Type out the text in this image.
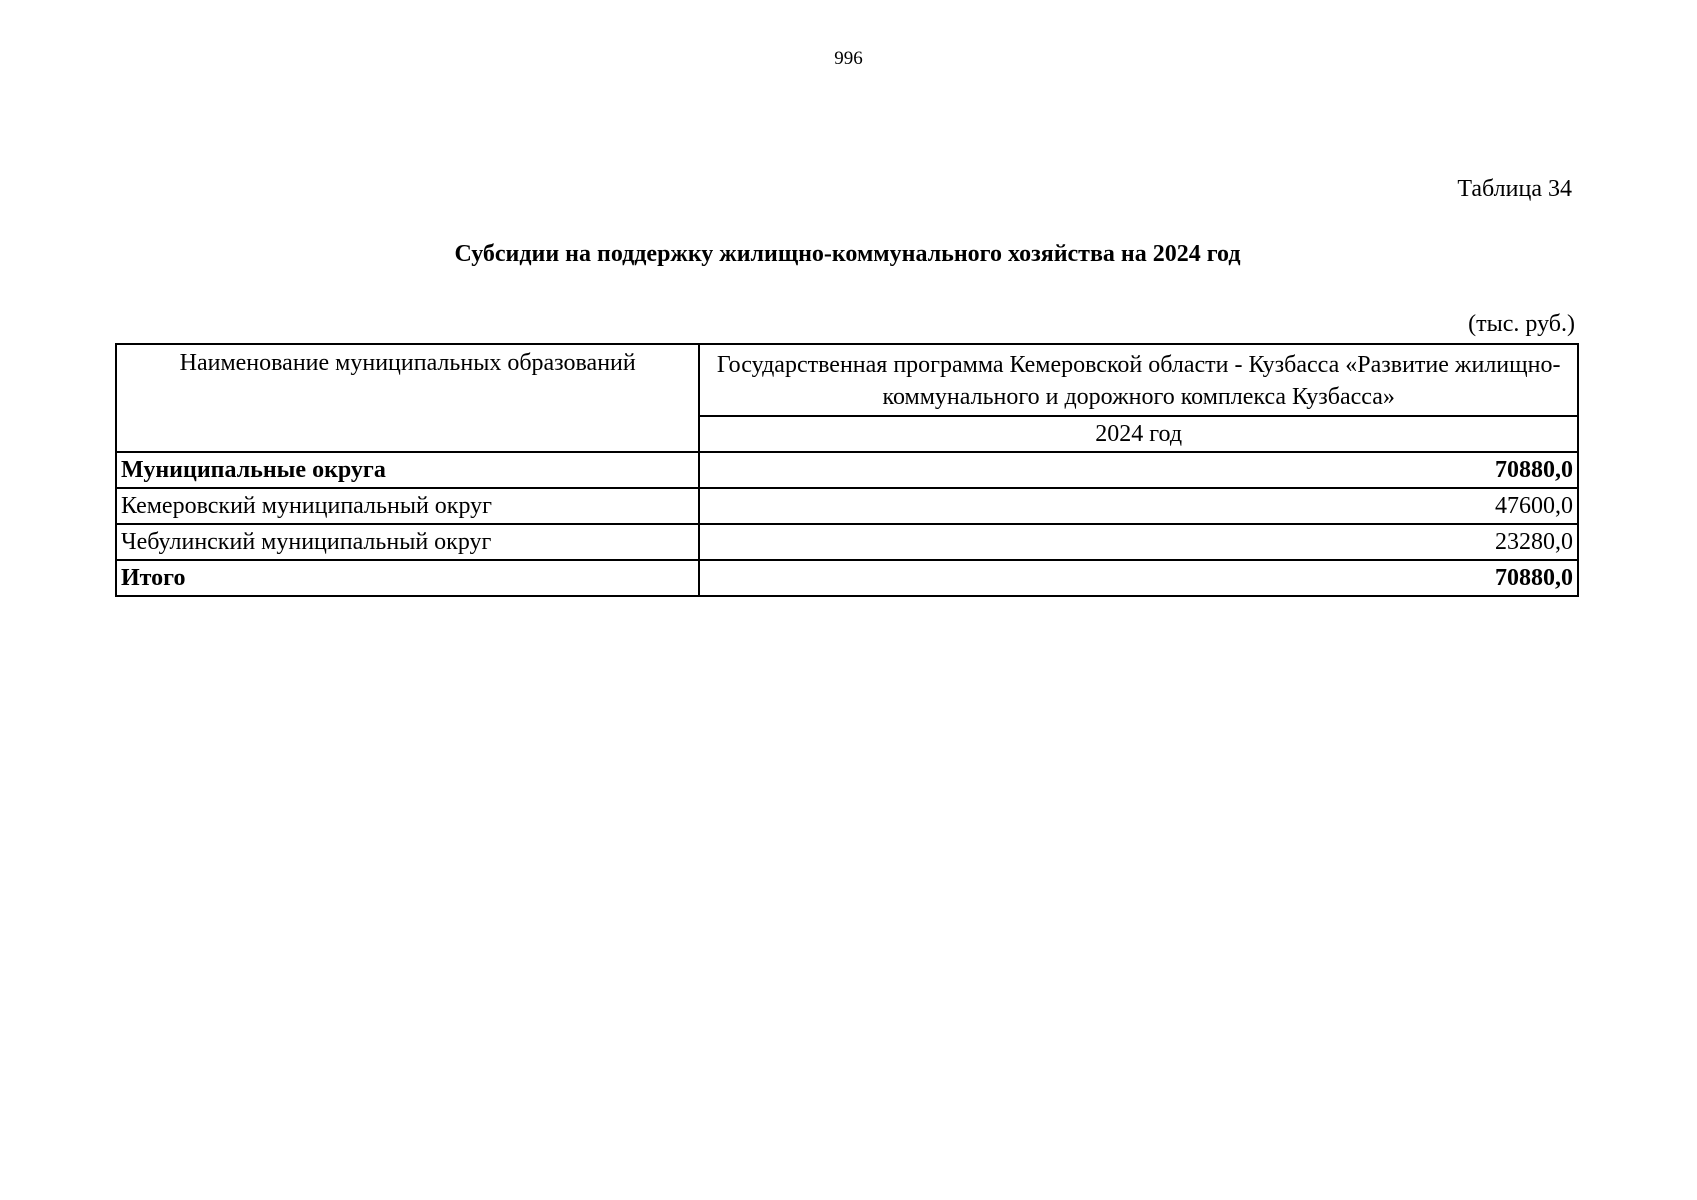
996
Таблица 34
Субсидии на поддержку жилищно-коммунального хозяйства на 2024 год
(тыс. руб.)
Наименование муниципальных образований	Государственная программа Кемеровской области - Кузбасса «Развитие жилищно-коммунального и дорожного комплекса Кузбасса»
	2024 год
Муниципальные округа	70880,0
Кемеровский муниципальный округ	47600,0
Чебулинский муниципальный округ	23280,0
Итого	70880,0
